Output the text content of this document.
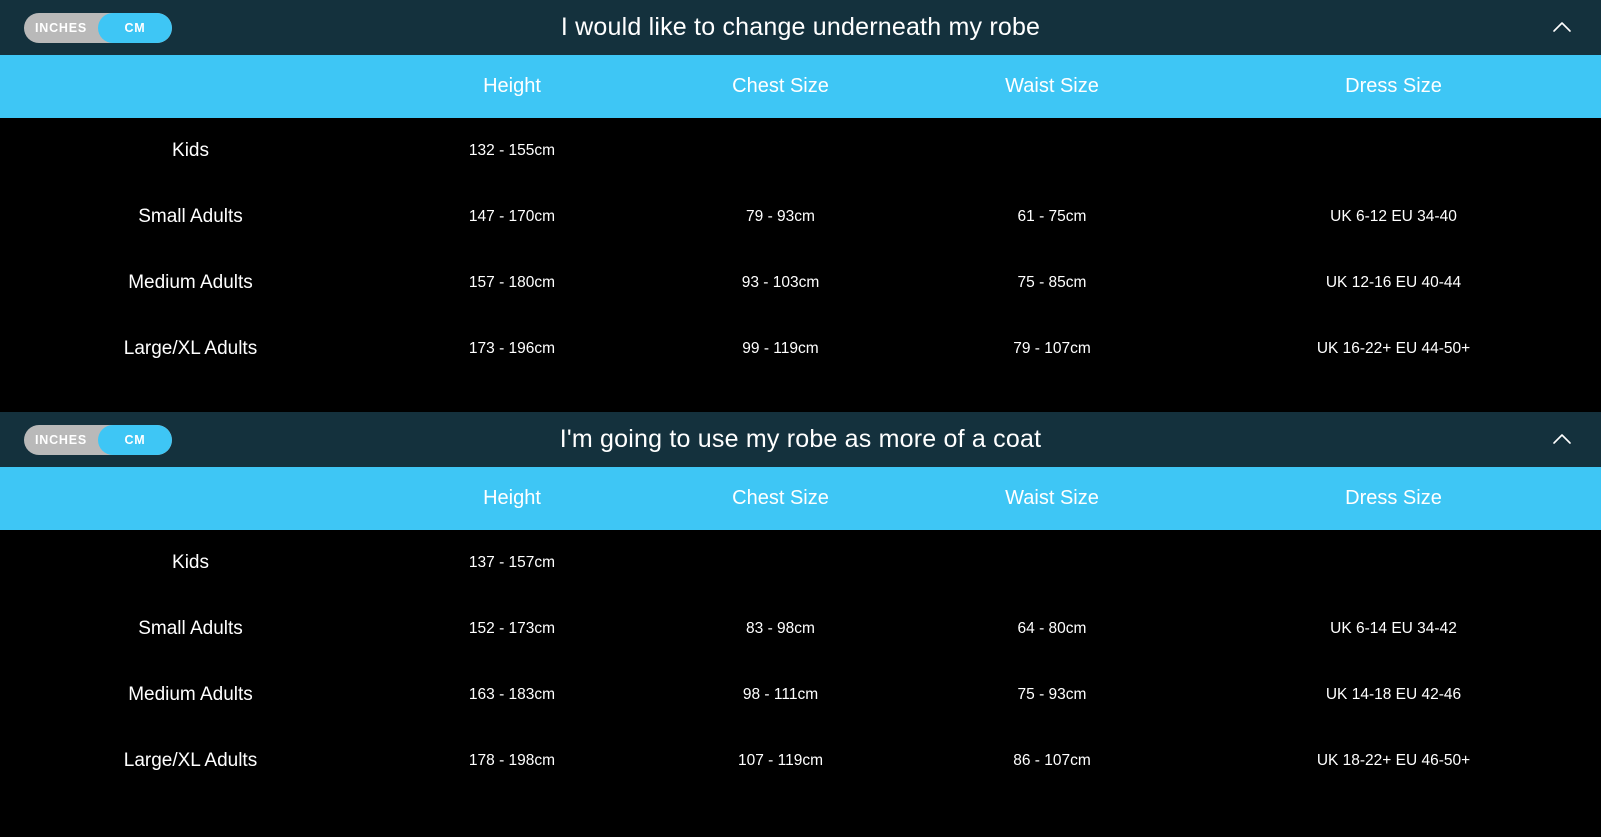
INCHES	CM	I would like to change underneath my robe
	Height	Chest Size	Waist Size	Dress Size
Kids	132 - 155cm			
Small Adults	147 - 170cm	79 - 93cm	61 - 75cm	UK 6-12 EU 34-40
Medium Adults	157 - 180cm	93 - 103cm	75 - 85cm	UK 12-16 EU 40-44
Large/XL Adults	173 - 196cm	99 - 119cm	79 - 107cm	UK 16-22+ EU 44-50+
INCHES	CM	I'm going to use my robe as more of a coat
	Height	Chest Size	Waist Size	Dress Size
Kids	137 - 157cm			
Small Adults	152 - 173cm	83 - 98cm	64 - 80cm	UK 6-14 EU 34-42
Medium Adults	163 - 183cm	98 - 111cm	75 - 93cm	UK 14-18 EU 42-46
Large/XL Adults	178 - 198cm	107 - 119cm	86 - 107cm	UK 18-22+ EU 46-50+
